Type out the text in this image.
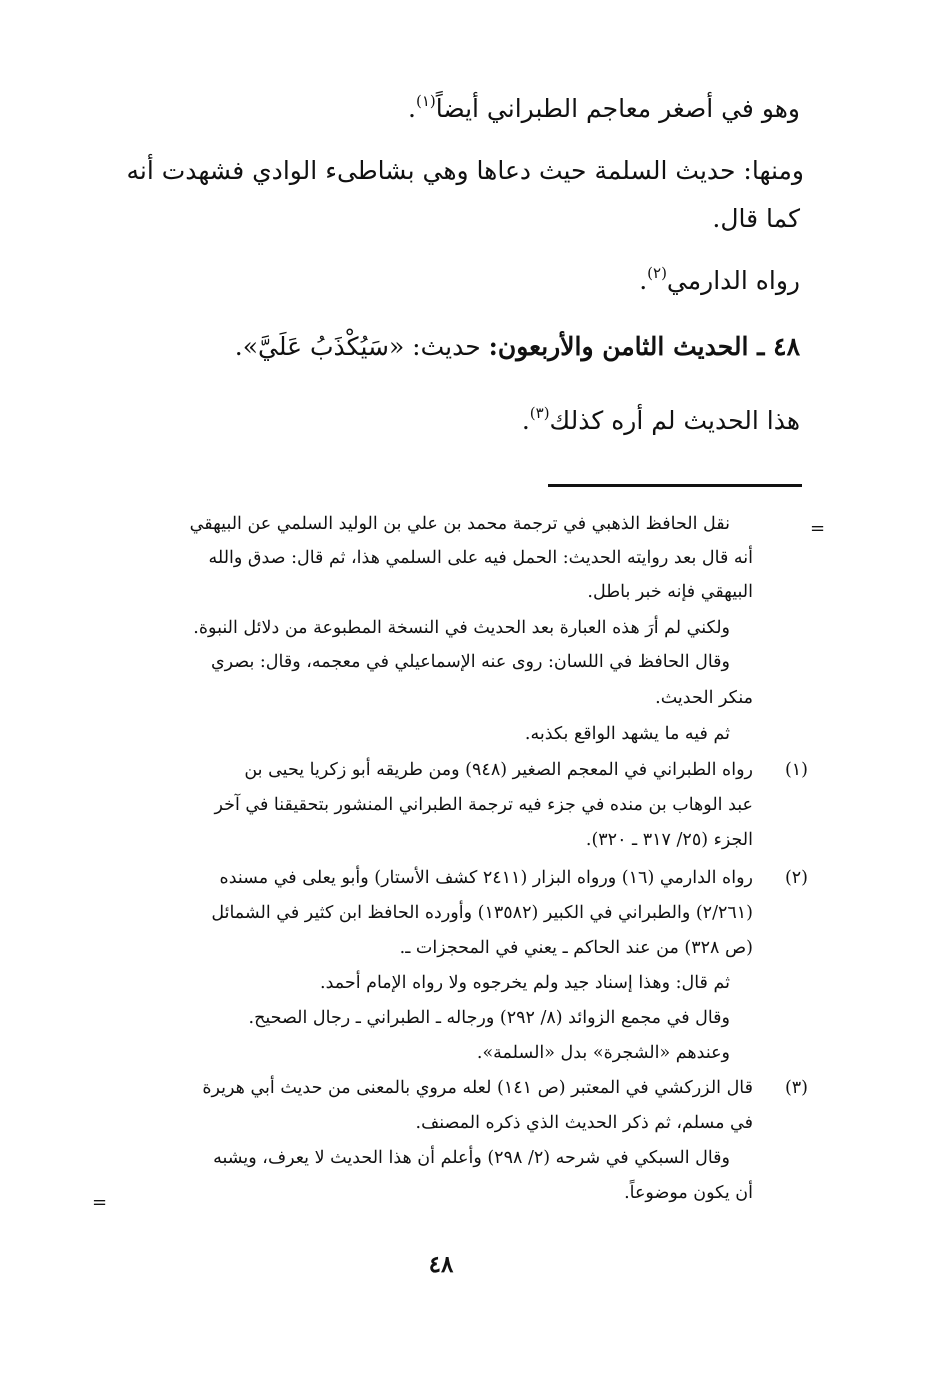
وهو في أصغر معاجم الطبراني أيضاً$^{(١)}$.
ومنها: حديث السلمة حيث دعاها وهي بشاطىء الوادي فشهدت أنه
كما قال.
رواه الدارمي$^{(٢)}$.
٤٨ ـ الحديث الثامن والأربعون: حديث: «سَيُكْذَبُ عَلَيَّ».
هذا الحديث لم أره كذلك$^{(٣)}$.
=
=
نقل الحافظ الذهبي في ترجمة محمد بن علي بن الوليد السلمي عن البيهقي
أنه قال بعد روايته الحديث: الحمل فيه على السلمي هذا، ثم قال: صدق والله
البيهقي فإنه خبر باطل.
ولكني لم أرَ هذه العبارة بعد الحديث في النسخة المطبوعة من دلائل النبوة.
وقال الحافظ في اللسان: روى عنه الإسماعيلي في معجمه، وقال: بصري
منكر الحديث.
ثم فيه ما يشهد الواقع بكذبه.
(١)
رواه الطبراني في المعجم الصغير (٩٤٨) ومن طريقه أبو زكريا يحيى بن
عبد الوهاب بن منده في جزء فيه ترجمة الطبراني المنشور بتحقيقنا في آخر
الجزء (٢٥/ ٣١٧ ـ ٣٢٠).
(٢)
رواه الدارمي (١٦) ورواه البزار (٢٤١١ كشف الأستار) وأبو يعلى في مسنده
(٢/٢٦١) والطبراني في الكبير (١٣٥٨٢) وأورده الحافظ ابن كثير في الشمائل
(ص ٣٢٨) من عند الحاكم ـ يعني في المحجزات ـ.
ثم قال: وهذا إسناد جيد ولم يخرجوه ولا رواه الإمام أحمد.
وقال في مجمع الزوائد (٨/ ٢٩٢) ورجاله ـ الطبراني ـ رجال الصحيح.
وعندهم «الشجرة» بدل «السلمة».
(٣)
قال الزركشي في المعتبر (ص ١٤١) لعله مروي بالمعنى من حديث أبي هريرة
في مسلم، ثم ذكر الحديث الذي ذكره المصنف.
وقال السبكي في شرحه (٢/ ٢٩٨) وأعلم أن هذا الحديث لا يعرف، ويشبه
أن يكون موضوعاً.
٤٨
